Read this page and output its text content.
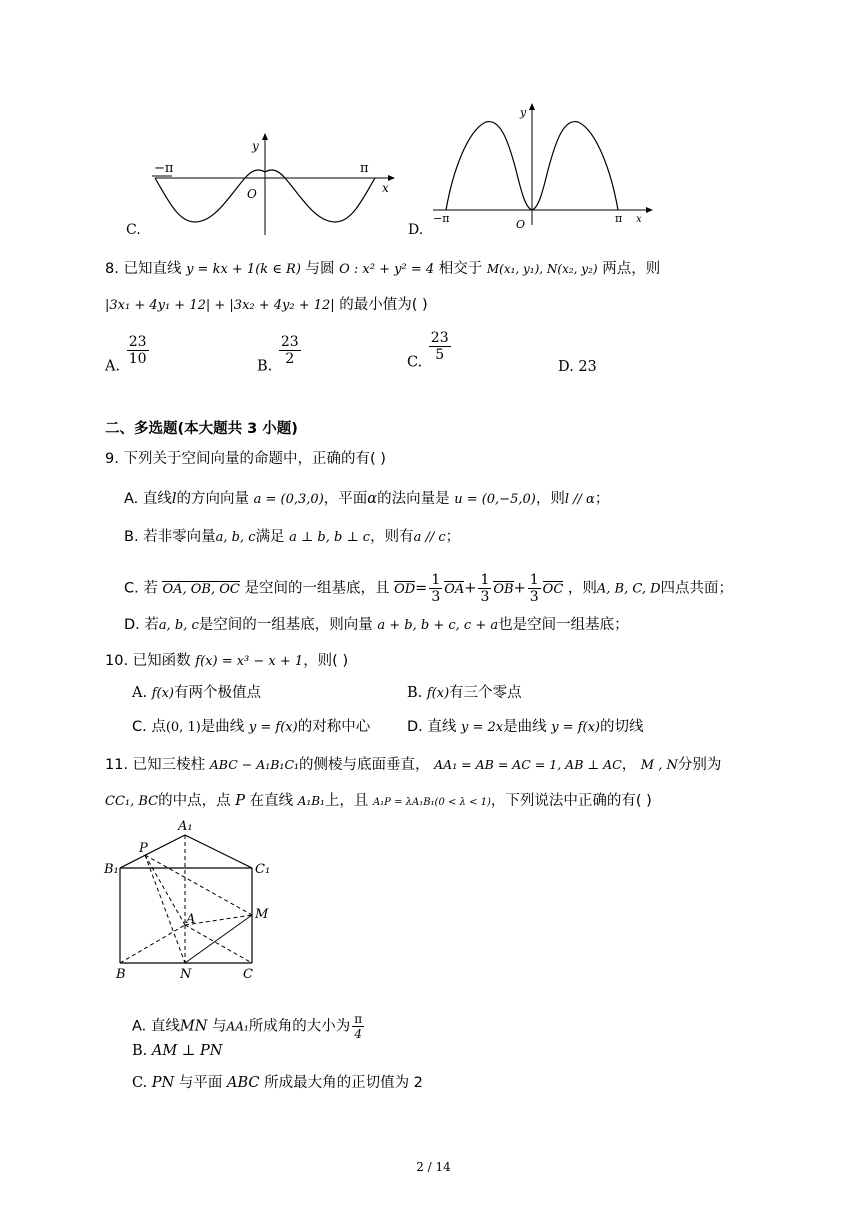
−π	π
O
y
x
C.
−π	π
O
y
x
D.
8. 已知直线 y = kx + 1(k ∈ R) 与圆 O : x² + y² = 4 相交于 M(x₁, y₁), N(x₂, y₂) 两点，则
|3x₁ + 4y₁ + 12| + |3x₂ + 4y₂ + 12| 的最小值为( )
A. $\frac{23}{10}$	B. $\frac{23}{2}$	C. $\frac{23}{5}$
D. 23
二、多选题(本大题共 3 小题)
9. 下列关于空间向量的命题中，正确的有( )
A. 直线l的方向向量 a = (0,3,0)，平面α的法向量是 u = (0,−5,0)，则l // α；
B. 若非零向量a, b, c满足 a ⊥ b, b ⊥ c，则有a // c；
C. 若 OA, OB, OC 是空间的一组基底，且 $OD= \frac{1}{3} OA+ \frac{1}{3} OB+ \frac{1}{3}$ OC ，则A, B, C, D四点共面；
D. 若a, b, c是空间的一组基底，则向量 a + b, b + c, c + a也是空间一组基底；
10. 已知函数 f(x) = x³ − x + 1，则( )
A. f(x)有两个极值点	B. f(x)有三个零点
C. 点(0, 1)是曲线 y = f(x)的对称中心	D. 直线 y = 2x是曲线 y = f(x)的切线
11. 已知三棱柱 ABC − A₁B₁C₁的侧棱与底面垂直， AA₁ = AB = AC = 1, AB ⊥ AC， M , N分别为
CC₁, BC的中点，点 P 在直线 A₁B₁上，且 A₁P = λA₁B₁(0 < λ < 1)，下列说法中正确的有( )
A₁
B₁	C₁
P
A	M
B	N	C
A. 直线MN 与AA₁所成角的大小为 $\frac{\pi}{4}$
B. AM ⊥ PN
C. PN 与平面 ABC 所成最大角的正切值为 2
2 / 14
